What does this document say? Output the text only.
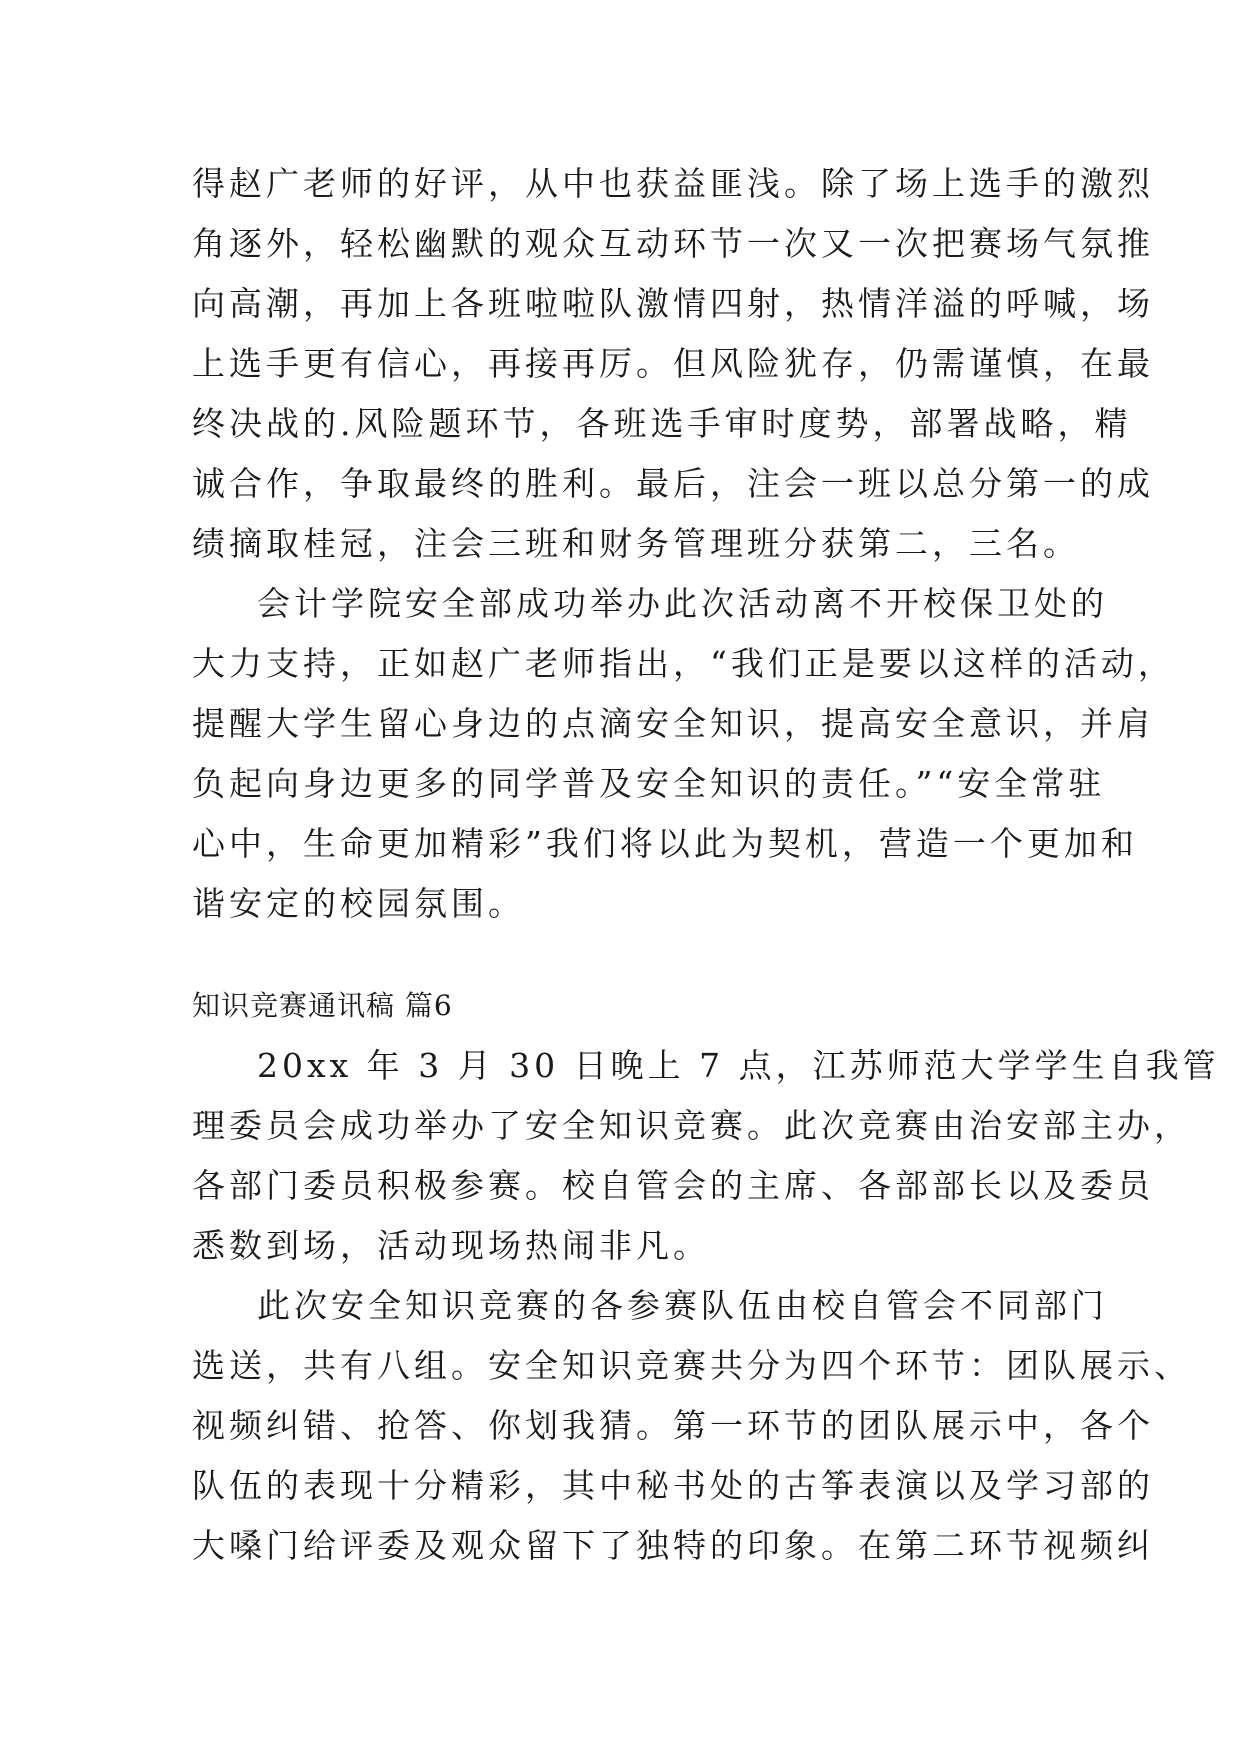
得赵广老师的好评，从中也获益匪浅。除了场上选手的激烈
角逐外，轻松幽默的观众互动环节一次又一次把赛场气氛推
向高潮，再加上各班啦啦队激情四射，热情洋溢的呼喊，场
上选手更有信心，再接再厉。但风险犹存，仍需谨慎，在最
终决战的.风险题环节，各班选手审时度势，部署战略，精
诚合作，争取最终的胜利。最后，注会一班以总分第一的成
绩摘取桂冠，注会三班和财务管理班分获第二，三名。
会计学院安全部成功举办此次活动离不开校保卫处的
大力支持，正如赵广老师指出，“我们正是要以这样的活动，
提醒大学生留心身边的点滴安全知识，提高安全意识，并肩
负起向身边更多的同学普及安全知识的责任。”“安全常驻
心中，生命更加精彩”我们将以此为契机，营造一个更加和
谐安定的校园氛围。
知识竞赛通讯稿 篇6
20xx 年 3 月 30 日晚上 7 点，江苏师范大学学生自我管
理委员会成功举办了安全知识竞赛。此次竞赛由治安部主办，
各部门委员积极参赛。校自管会的主席、各部部长以及委员
悉数到场，活动现场热闹非凡。
此次安全知识竞赛的各参赛队伍由校自管会不同部门
选送，共有八组。安全知识竞赛共分为四个环节：团队展示、
视频纠错、抢答、你划我猜。第一环节的团队展示中，各个
队伍的表现十分精彩，其中秘书处的古筝表演以及学习部的
大嗓门给评委及观众留下了独特的印象。在第二环节视频纠
